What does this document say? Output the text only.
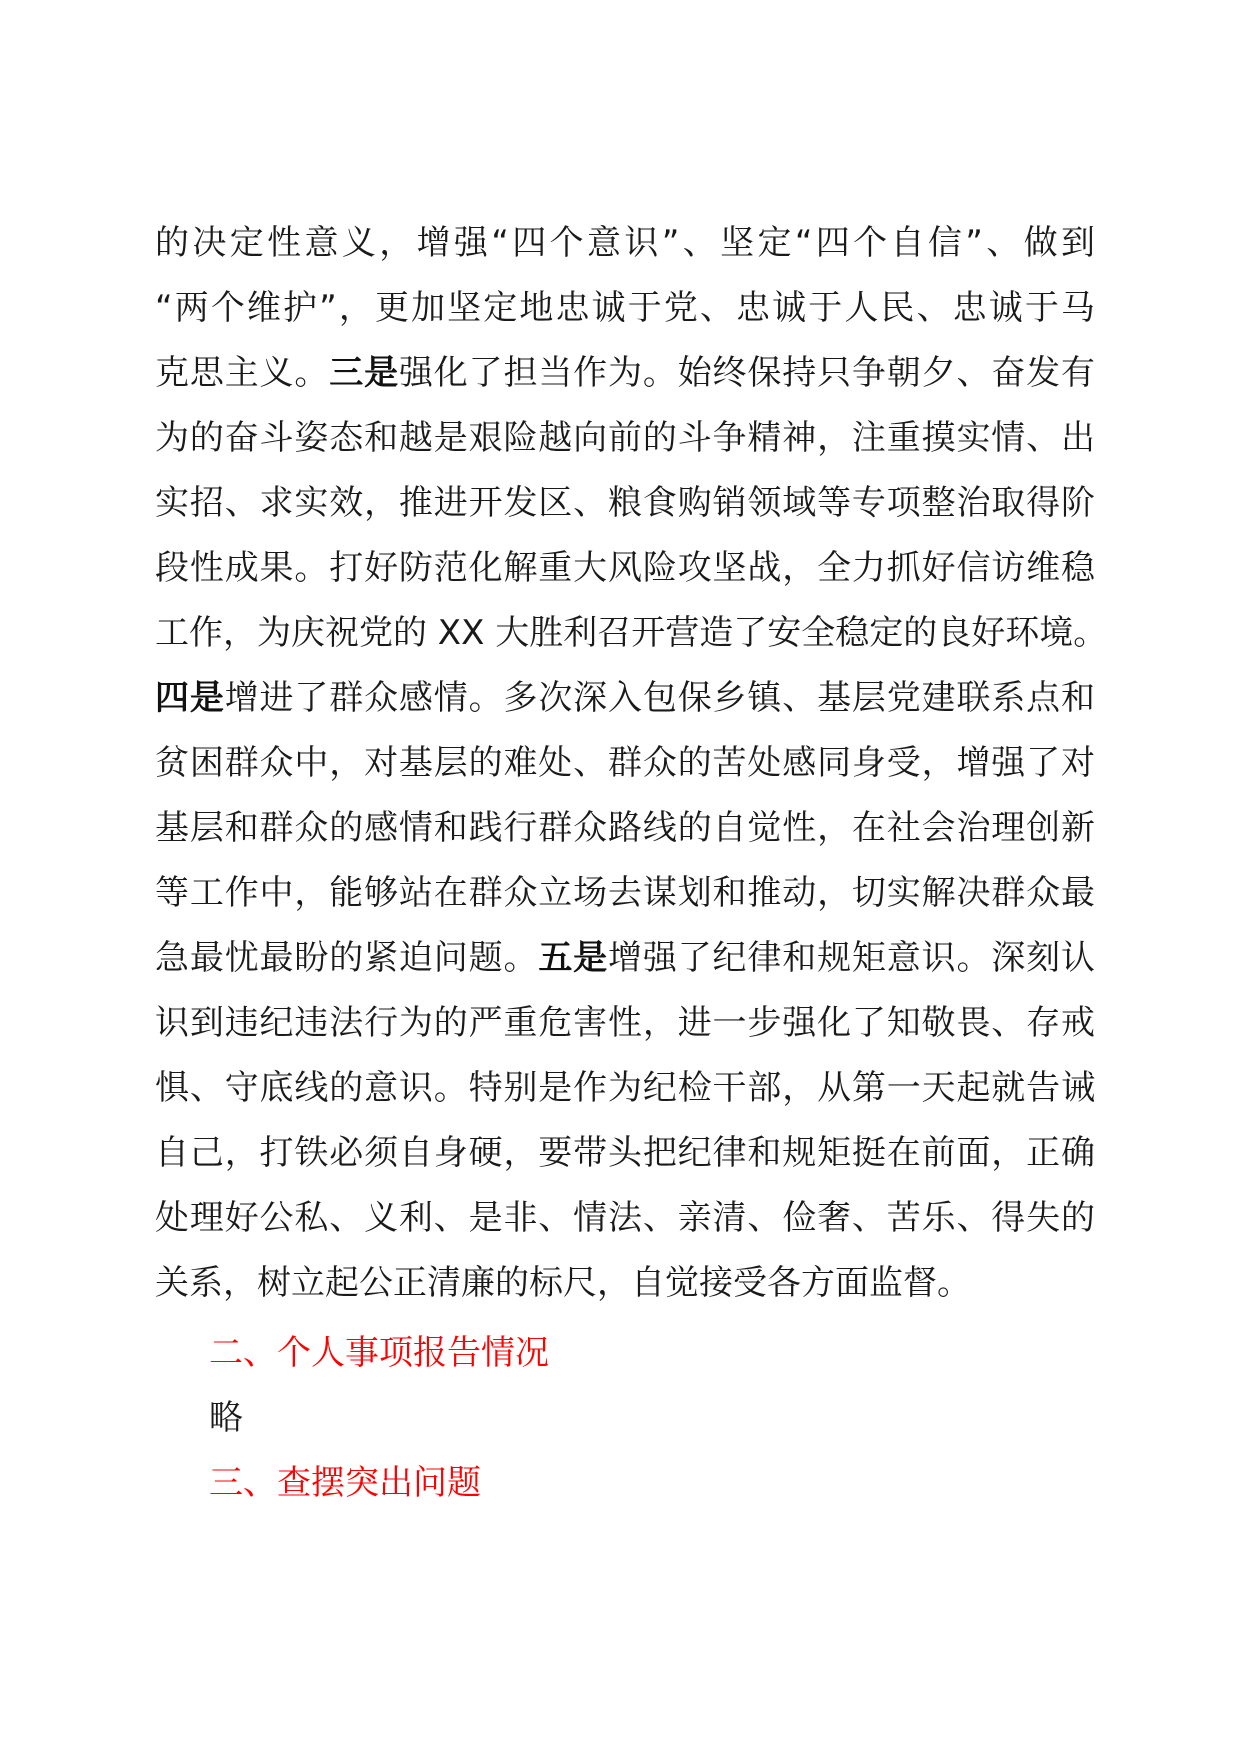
的决定性意义，增强“四个意识”、坚定“四个自信”、做到
“两个维护”，更加坚定地忠诚于党、忠诚于人民、忠诚于马
克思主义。三是强化了担当作为。始终保持只争朝夕、奋发有
为的奋斗姿态和越是艰险越向前的斗争精神，注重摸实情、出
实招、求实效，推进开发区、粮食购销领域等专项整治取得阶
段性成果。打好防范化解重大风险攻坚战，全力抓好信访维稳
工作，为庆祝党的 XX 大胜利召开营造了安全稳定的良好环境。
四是增进了群众感情。多次深入包保乡镇、基层党建联系点和
贫困群众中，对基层的难处、群众的苦处感同身受，增强了对
基层和群众的感情和践行群众路线的自觉性，在社会治理创新
等工作中，能够站在群众立场去谋划和推动，切实解决群众最
急最忧最盼的紧迫问题。五是增强了纪律和规矩意识。深刻认
识到违纪违法行为的严重危害性，进一步强化了知敬畏、存戒
惧、守底线的意识。特别是作为纪检干部，从第一天起就告诫
自己，打铁必须自身硬，要带头把纪律和规矩挺在前面，正确
处理好公私、义利、是非、情法、亲清、俭奢、苦乐、得失的
关系，树立起公正清廉的标尺，自觉接受各方面监督。
二、个人事项报告情况
略
三、查摆突出问题
